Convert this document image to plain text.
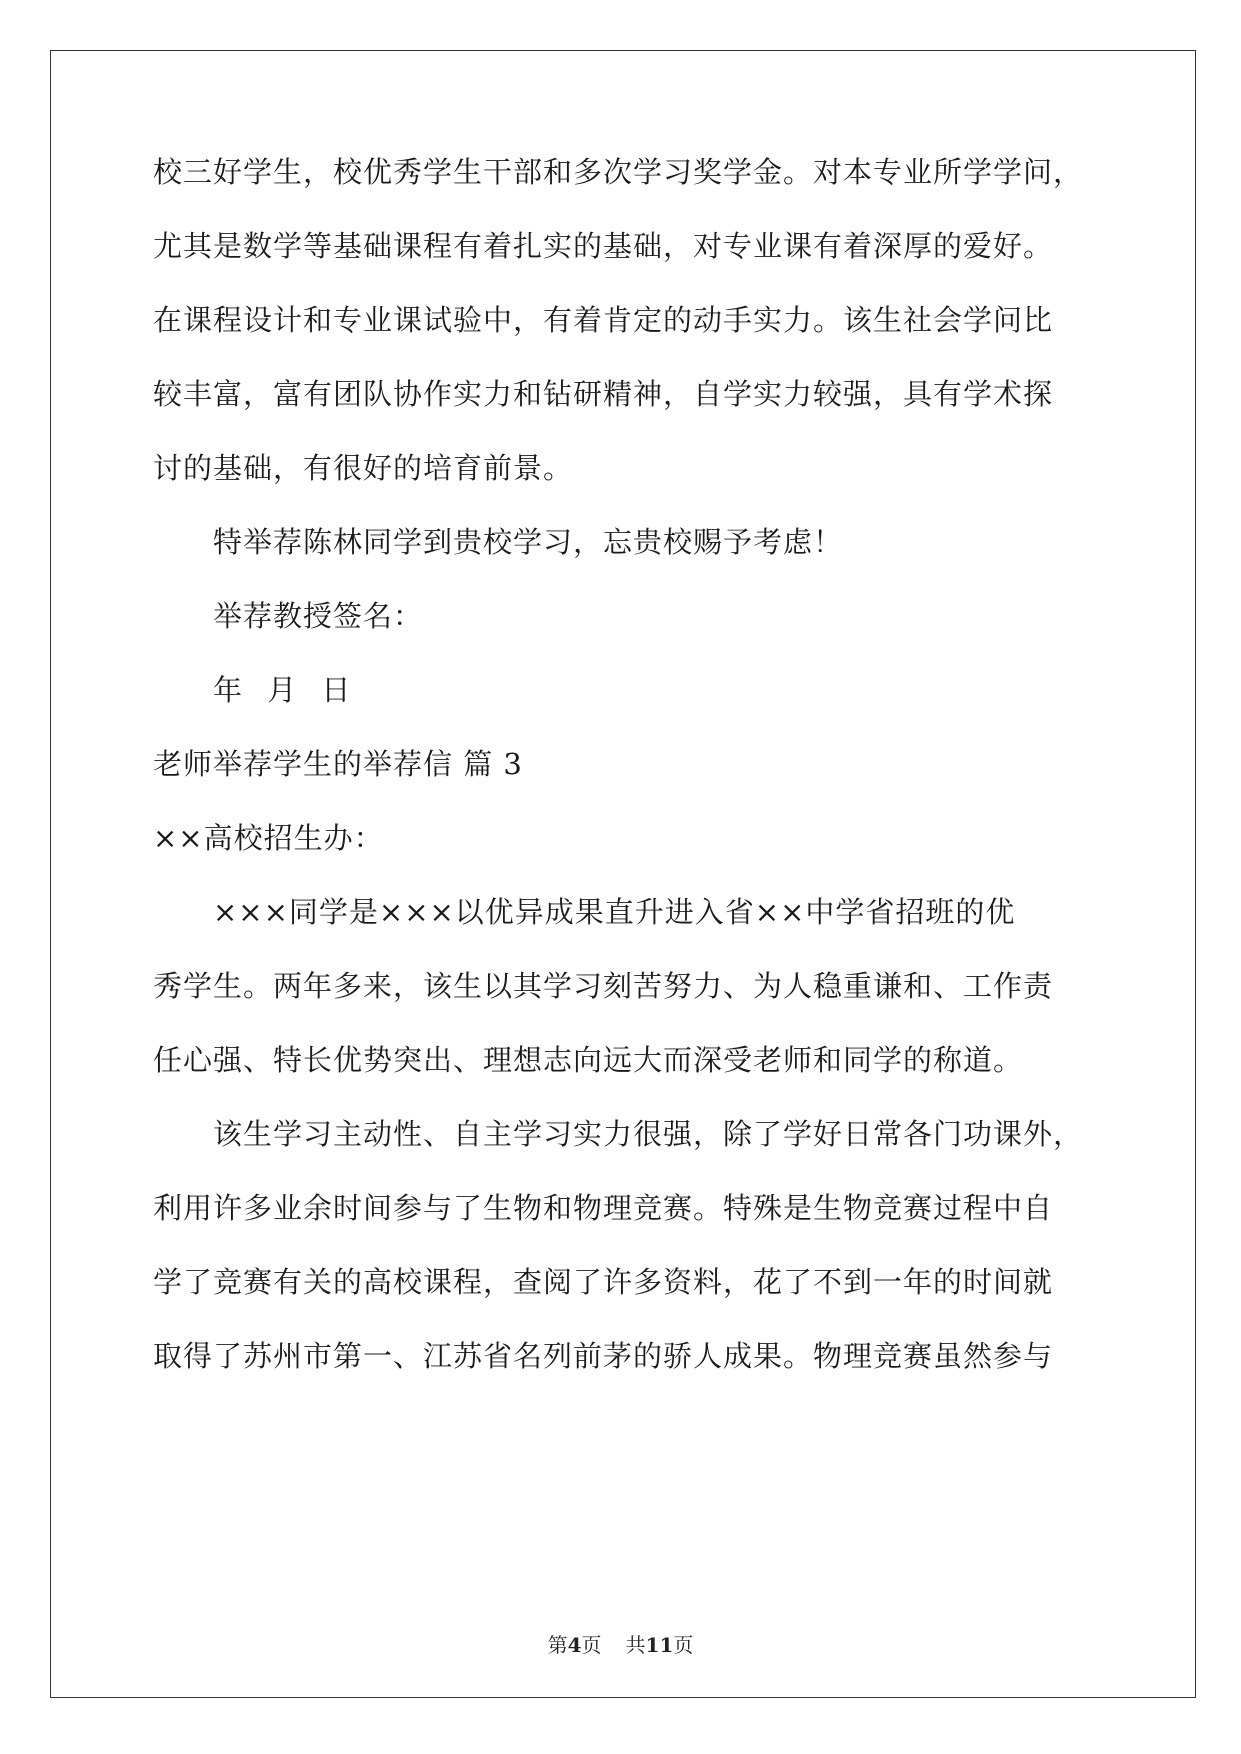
校三好学生，校优秀学生干部和多次学习奖学金。对本专业所学学问，
尤其是数学等基础课程有着扎实的基础，对专业课有着深厚的爱好。
在课程设计和专业课试验中，有着肯定的动手实力。该生社会学问比
较丰富，富有团队协作实力和钻研精神，自学实力较强，具有学术探
讨的基础，有很好的培育前景。
特举荐陈林同学到贵校学习，忘贵校赐予考虑！
举荐教授签名：
年 月 日
老师举荐学生的举荐信 篇 3
××高校招生办：
×××同学是×××以优异成果直升进入省××中学省招班的优
秀学生。两年多来，该生以其学习刻苦努力、为人稳重谦和、工作责
任心强、特长优势突出、理想志向远大而深受老师和同学的称道。
该生学习主动性、自主学习实力很强，除了学好日常各门功课外，
利用许多业余时间参与了生物和物理竞赛。特殊是生物竞赛过程中自
学了竞赛有关的高校课程，查阅了许多资料，花了不到一年的时间就
取得了苏州市第一、江苏省名列前茅的骄人成果。物理竞赛虽然参与
第4页 共11页
